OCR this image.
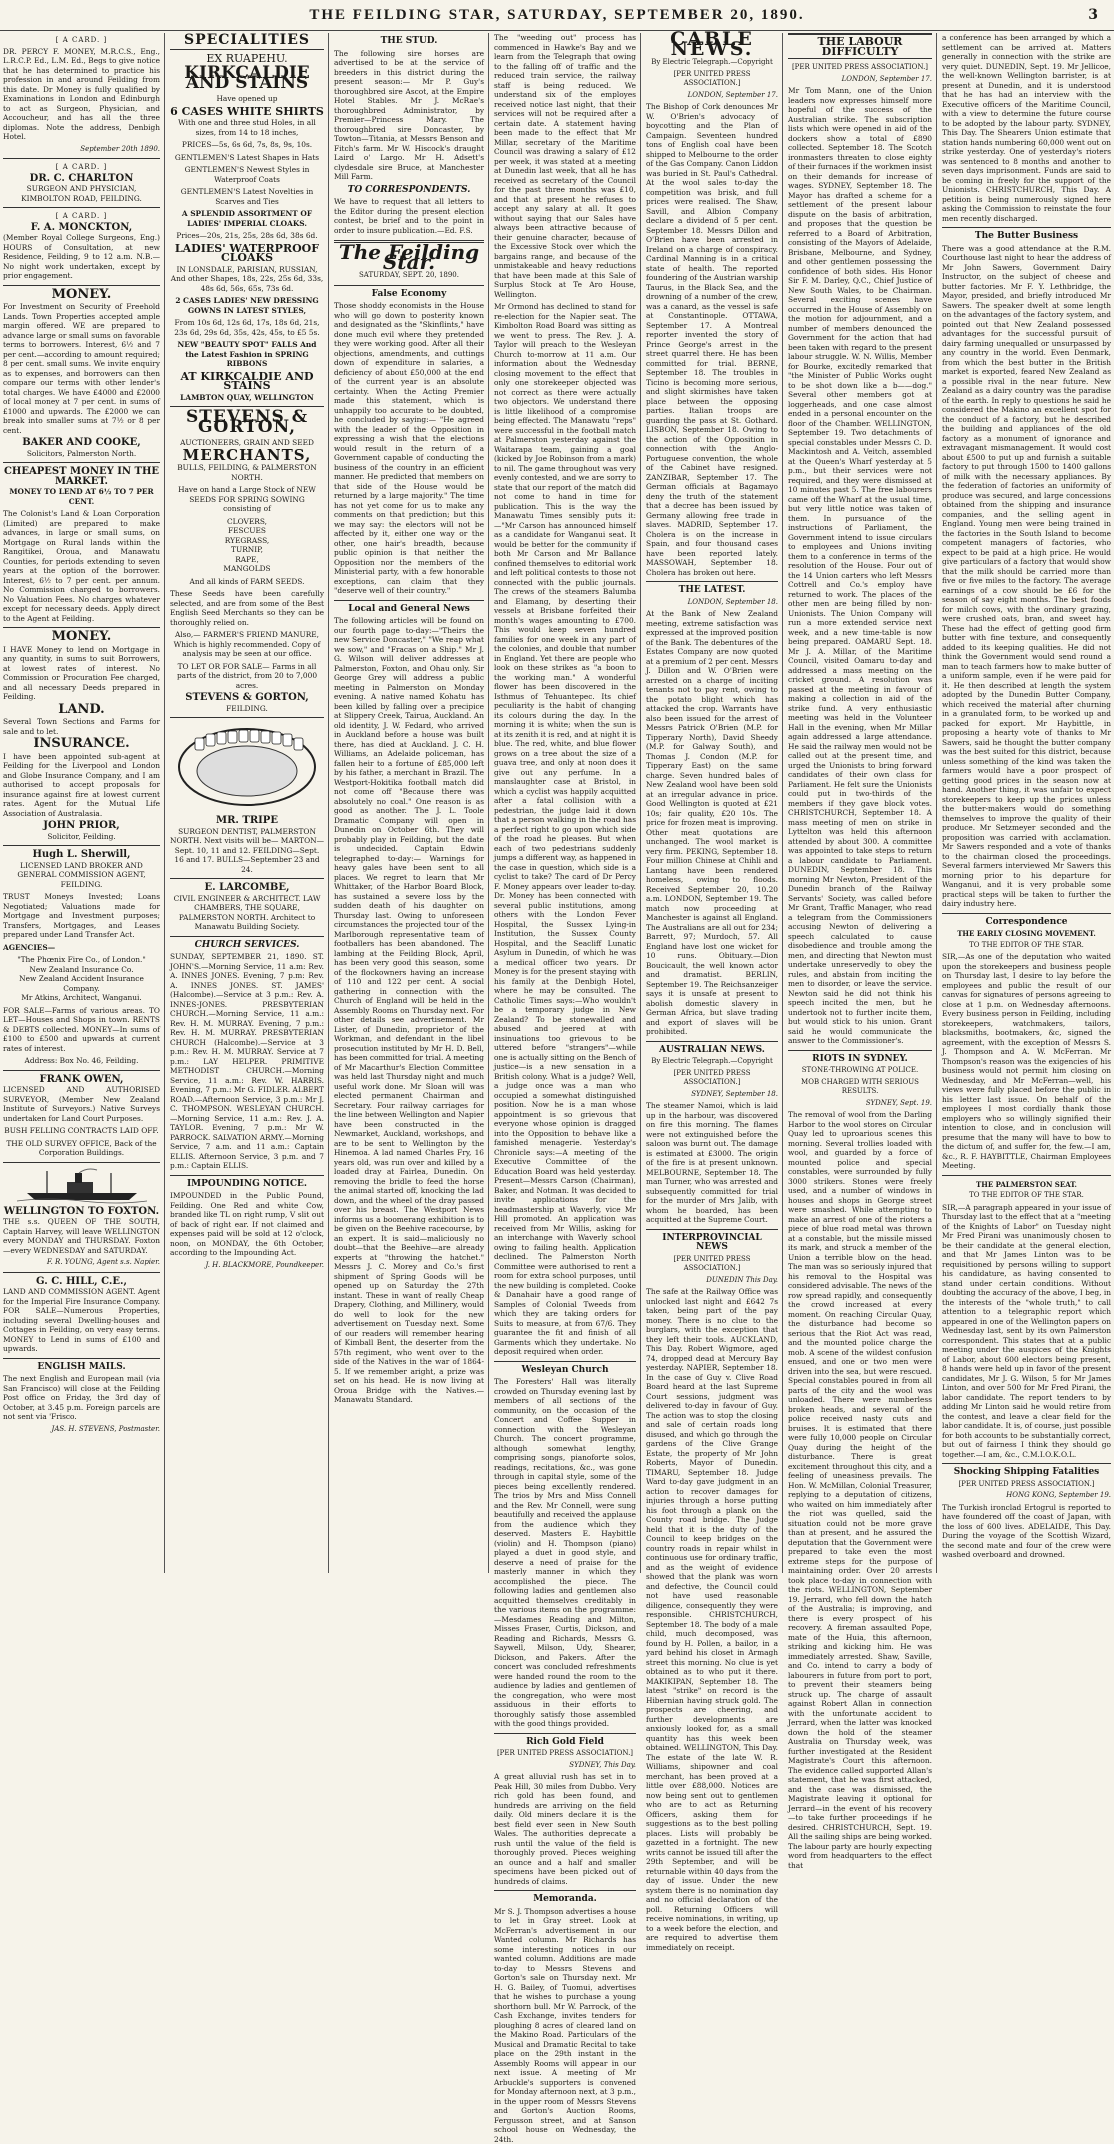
THE FEILDING STAR, SATURDAY, SEPTEMBER 20, 1890.	3
[ A CARD. ]

DR. PERCY F. MONEY, M.R.C.S., Eng., L.R.C.P. Ed., L.M. Ed., Begs to give notice that he has determined to practice his profession in and around Feilding from this date. Dr Money is fully qualified by Examinations in London and Edinburgh to act as Surgeon, Physician, and Accoucheur, and has all the three diplomas. Note the address, Denbigh Hotel.

September 20th 1890.

[ A CARD. ]
DR. C. CHARLTON

SURGEON AND PHYSICIAN, KIMBOLTON ROAD, FEILDING.

[ A CARD. ]
F. A. MONCKTON,

(Member Royal College Surgeons, Eng.) HOURS of Consultation, at new Residence, Feilding, 9 to 12 a.m. N.B.—No night work undertaken, except by prior engagement.

MONEY.

For Investment on Security of Freehold Lands. Town Properties accepted ample margin offered. WE are prepared to advance large or small sums on favorable terms to borrowers. Interest, 6½ and 7 per cent.—according to amount required; 8 per cent. small sums. We invite enquiry as to expenses, and borrowers can then compare our terms with other lender's total charges. We have £4000 and £2000 of local money at 7 per cent. in sums of £1000 and upwards. The £2000 we can break into smaller sums at 7½ or 8 per cent.

BAKER AND COOKE,

Solicitors, Palmerston North.

CHEAPEST MONEY IN THE MARKET.

MONEY TO LEND AT 6½ TO 7 PER CENT.

The Colonist's Land & Loan Corporation (Limited) are prepared to make advances, in large or small sums, on Mortgage on Rural lands within the Rangitikei, Oroua, and Manawatu Counties, for periods extending to seven years at the option of the borrower. Interest, 6½ to 7 per cent. per annum. No Commission charged to borrowers. No Valuation Fees. No charges whatever except for necessary deeds. Apply direct to the Agent at Feilding.

MONEY.

I HAVE Money to lend on Mortgage in any quantity, in sums to suit Borrowers, at lowest rates of interest. No Commission or Procuration Fee charged, and all necessary Deeds prepared in Feilding.

LAND.

Several Town Sections and Farms for sale and to let.

INSURANCE.

I have been appointed sub-agent at Feilding for the Liverpool and London and Globe Insurance Company, and I am authorised to accept proposals for insurance against fire at lowest current rates. Agent for the Mutual Life Association of Australasia.

JOHN PRIOR,

Solicitor, Feilding.

Hugh L. Sherwill,

LICENSED LAND BROKER AND GENERAL COMMISSION AGENT, FEILDING.

TRUST Moneys Invested; Loans Negotiated; Valuations made for Mortgage and Investment purposes; Transfers, Mortgages, and Leases prepared under Land Transfer Act.

AGENCIES—

"The Phœnix Fire Co., of London."
New Zealand Insurance Co.
New Zealand Accident Insurance Company.
Mr Atkins, Architect, Wanganui.

FOR SALE—Farms of various areas. TO LET—Houses and Shops in town. RENTS & DEBTS collected. MONEY—In sums of £100 to £500 and upwards at current rates of interest.

Address: Box No. 46, Feilding.

FRANK OWEN,

LICENSED AND AUTHORISED SURVEYOR, (Member New Zealand Institute of Surveyors.) Native Surveys undertaken for Land Court Purposes.

BUSH FELLING CONTRACTS LAID OFF.

THE OLD SURVEY OFFICE, Back of the Corporation Buildings.

WELLINGTON TO FOXTON.

THE s.s. QUEEN OF THE SOUTH, Captain Harvey, will leave WELLINGTON every MONDAY and THURSDAY. Foxton—every WEDNESDAY and SATURDAY.

F. R. YOUNG, Agent s.s. Napier.

G. C. HILL, C.E.,

LAND AND COMMISSION AGENT. Agent for the Imperial Fire Insurance Company. FOR SALE—Numerous Properties, including several Dwelling-houses and Cottages in Feilding, on very easy terms. MONEY to Lend in sums of £100 and upwards.

ENGLISH MAILS.

The next English and European mail (via San Francisco) will close at the Feilding Post office on Friday, the 3rd day of October, at 3.45 p.m. Foreign parcels are not sent via 'Frisco.

JAS. H. STEVENS, Postmaster.

SPECIALITIES
EX RUAPEHU.
KIRKCALDIE AND STAINS

Have opened up

6 CASES WHITE SHIRTS

With one and three stud Holes, in all sizes, from 14 to 18 inches,

PRICES—5s, 6s 6d, 7s, 8s, 9s, 10s.

GENTLEMEN'S Latest Shapes in Hats

GENTLEMEN'S Newest Styles in Waterproof Coats

GENTLEMEN'S Latest Novelties in Scarves and Ties

A SPLENDID ASSORTMENT OF LADIES' IMPERIAL CLOAKS.

Prices—20s, 21s, 25s, 28s 6d, 38s 6d.

LADIES' WATERPROOF CLOAKS

IN LONSDALE, PARISIAN, RUSSIAN, And other Shapes, 18s, 22s, 25s 6d, 33s, 48s 6d, 56s, 65s, 73s 6d.

2 CASES LADIES' NEW DRESSING GOWNS IN LATEST STYLES,

From 10s 6d, 12s 6d, 17s, 18s 6d, 21s, 23s 6d, 29s 6d, 35s, 42s, 45s, to £5 5s.

NEW "BEAUTY SPOT" FALLS And the Latest Fashion in SPRING RIBBONS

AT KIRKCALDIE AND STAINS

LAMBTON QUAY, WELLINGTON

STEVENS & GORTON,

AUCTIONEERS, GRAIN AND SEED

MERCHANTS,

BULLS, FEILDING, & PALMERSTON NORTH.

Have on hand a Large Stock of NEW SEEDS FOR SPRING SOWING consisting of

CLOVERS,
FESCUES
RYEGRASS,
TURNIP,
RAPE,
MANGOLDS

And all kinds of FARM SEEDS.

These Seeds have been carefully selected, and are from some of the Best English Seed Merchants so they can be thoroughly relied on.

Also,— FARMER'S FRIEND MANURE, Which is highly recommended. Copy of analysis may be seen at our office.

TO LET OR FOR SALE— Farms in all parts of the district, from 20 to 7,000 acres.

STEVENS & GORTON,

FEILDING.

MR. TRIPE

SURGEON DENTIST, PALMERSTON NORTH. Next visits will be— MARTON—Sept. 10, 11 and 12. FEILDING—Sept. 16 and 17. BULLS—September 23 and 24.

E. LARCOMBE,

CIVIL ENGINEER & ARCHITECT. LAW CHAMBERS, THE SQUARE, PALMERSTON NORTH. Architect to Manawatu Building Society.

CHURCH SERVICES.

SUNDAY, SEPTEMBER 21, 1890. ST. JOHN'S.—Morning Service, 11 a.m: Rev. A. INNES JONES. Evening, 7 p.m: Rev. A. INNES JONES. ST. JAMES' (Halcombe).—Service at 3 p.m.: Rev. A. INNES-JONES. PRESBYTERIAN CHURCH.—Morning Service, 11 a.m.: Rev. H. M. MURRAY. Evening, 7 p.m.: Rev. H. M. MURRAY. PRESBYTERIAN CHURCH (Halcombe).—Service at 3 p.m.: Rev. H. M. MURRAY. Service at 7 p.m.: LAY HELPER. PRIMITIVE METHODIST CHURCH.—Morning Service, 11 a.m.: Rev. W. HARRIS. Evening, 7 p.m.: Mr G. FIDLER. ALBERT ROAD.—Afternoon Service, 3 p.m.: Mr J. C. THOMPSON. WESLEYAN CHURCH.—Morning Service, 11 a.m.: Rev. J. A. TAYLOR. Evening, 7 p.m.: Mr W. PARROCK. SALVATION ARMY.—Morning Service, 7 a.m. and 11 a.m.: Captain ELLIS. Afternoon Service, 3 p.m. and 7 p.m.: Captain ELLIS.

IMPOUNDING NOTICE.

IMPOUNDED in the Public Pound, Feilding. One Red and white Cow, branded like TL on right rump, V slit out of back of right ear. If not claimed and expenses paid will be sold at 12 o'clock, noon, on MONDAY, the 6th October, according to the Impounding Act.

J. H. BLACKMORE, Poundkeeper.

THE STUD.

The following sire horses are advertised to be at the service of breeders in this district during the present season:— Mr P. Guy's thoroughbred sire Ascot, at the Empire Hotel Stables. Mr J. McRae's thoroughbred Administrator, by Premier—Princess Mary. The thoroughbred sire Doncaster, by Towton—Titania, at Messrs Benson and Fitch's farm. Mr W. Hiscock's draught Laird o' Largo. Mr H. Adsett's clydesdale sire Bruce, at Manchester Mill Farm.

TO CORRESPONDENTS.

We have to request that all letters to the Editor during the present election contest, be brief and to the point in order to insure publication.—Ed. F.S.

The Feilding Star.
SATURDAY, SEPT. 20, 1890.
False Economy

Those shoddy economists in the House who will go down to posterity known and designated as the "Skinflints," have done much evil where they pretended they were working good. After all their objections, amendments, and cuttings down of expenditure in salaries, a deficiency of about £50,000 at the end of the current year is an absolute certainty. When the Acting Premier made this statement, which is unhappily too accurate to be doubted, he concluded by saying:— "He agreed with the leader of the Opposition in expressing a wish that the elections would result in the return of a Government capable of conducting the business of the country in an efficient manner. He predicted that members on that side of the House would be returned by a large majority." The time has not yet come for us to make any comments on that prediction; but this we may say: the electors will not be affected by it, either one way or the other, one hair's breadth, because public opinion is that neither the Opposition nor the members of the Ministerial party, with a few honorable exceptions, can claim that they "deserve well of their country."

Local and General News

The following articles will be found on our fourth page to-day:—"Theirs the new Service Doncaster," "We reap what we sow," and "Fracas on a Ship." Mr J. G. Wilson will deliver addresses at Palmerston, Foxton, and Ohau only. Sir George Grey will address a public meeting in Palmerston on Monday evening. A native named Kohatu has been killed by falling over a precipice at Slippery Creek, Tairua, Auckland. An old identity, J. W. Fedard, who arrived in Auckland before a house was built there, has died at Auckland. J. C. H. Williams, an Adelaide policeman, has fallen heir to a fortune of £85,000 left by his father, a merchant in Brazil. The Westport-Hokitika football match did not come off "Because there was absolutely no coal." One reason is as good as another. The J. L. Toole Dramatic Company will open in Dunedin on October 6th. They will probably play in Feilding, but the date is undecided. Captain Edwin telegraphed to-day:— Warnings for heavy gales have been sent to all places. We regret to learn that Mr Whittaker, of the Harbor Board Block, has sustained a severe loss by the sudden death of his daughter on Thursday last. Owing to unforeseen circumstances the projected tour of the Marlborough representative team of footballers has been abandoned. The lambing at the Feilding Block, April, has been very good this season, some of the flockowners having an increase of 110 and 122 per cent. A social gathering in connection with the Church of England will be held in the Assembly Rooms on Thursday next. For other details see advertisement. Mr Lister, of Dunedin, proprietor of the Workman, and defendant in the libel prosecution instituted by Mr H. D. Bell, has been committed for trial. A meeting of Mr Macarthur's Election Committee was held last Thursday night and much useful work done. Mr Sloan will was elected permanent Chairman and Secretary. Four railway carriages for the line between Wellington and Napier have been constructed in the Newmarket, Auckland, workshops, and are to be sent to Wellington by the Hinemoa. A lad named Charles Fry, 16 years old, was run over and killed by a loaded dray at Fairlea, Dunedin. On removing the bridle to feed the horse the animal started off, knocking the lad down, and the wheel of the dray passed over his breast. The Westport News informs us a boomerang exhibition is to be given on the Beehive racecourse, by an expert. It is said—maliciously no doubt—that the Beehive—are already experts at "throwing the hatchet." Messrs J. C. Morey and Co.'s first shipment of Spring Goods will be opened up on Saturday the 27th instant. These in want of really Cheap Drapery, Clothing, and Millinery, would do well to look for the new advertisement on Tuesday next. Some of our readers will remember hearing of Kimball Bent, the deserter from the 57th regiment, who went over to the side of the Natives in the war of 1864-5. If we remember aright, a prize was set on his head. He is now living at Oroua Bridge with the Natives.— Manawatu Standard.

The "weeding out" process has commenced in Hawke's Bay and we learn from the Telegraph that owing to the falling off of traffic and the reduced train service, the railway staff is being reduced. We understand six of the employes received notice last night, that their services will not be required after a certain date. A statement having been made to the effect that Mr Millar, secretary of the Maritime Council was drawing a salary of £12 per week, it was stated at a meeting at Dunedin last week, that all he has received as secretary of the Council for the past three months was £10, and that at present he refuses to accept any salary at all. It goes without saying that our Sales have always been attractive because of their genuine character, because of the Excessive Stock over which the bargains range, and because of the unmistakeable and heavy reductions that have been made at this Sale of Surplus Stock at Te Aro House, Wellington.

Mr Ormond has declined to stand for re-election for the Napier seat. The Kimbolton Road Board was sitting as we went to press. The Rev. J. A. Taylor will preach to the Wesleyan Church to-morrow at 11 a.m. Our information about the Wednesday closing movement to the effect that only one storekeeper objected was not correct as there were actually two objectors. We understand there is little likelihood of a compromise being effected. The Manawatu "reps" were successful in the football match at Palmerston yesterday against the Waitarapa team, gaining a goal (kicked by Joe Robinson from a mark) to nil. The game throughout was very evenly contested, and we are sorry to state that our report of the match did not come to hand in time for publication. This is the way the Manawatu Times sensibly puts it:—"Mr Carson has announced himself as a candidate for Wanganui seat. It would be better for the community if both Mr Carson and Mr Ballance confined themselves to editorial work and left political contests to those not connected with the public journals. The crews of the steamers Balumba and Elamang, by deserting their vessels at Brisbane forfeited their month's wages amounting to £700. This would keep seven hundred families for one week in any part of the colonies, and double that number in England. Yet there are people who look on these strikes as "a boon to the working man." A wonderful flower has been discovered in the Isthmus of Tehuantepec. Its chief peculiarity is the habit of changing its colours during the day. In the morning it is white; when the sun is at its zenith it is red, and at night it is blue. The red, white, and blue flower grows on a tree about the size of a guava tree, and only at noon does it give out any perfume. In a manslaughter case at Bristol, in which a cyclist was happily acquitted after a fatal collision with a pedestrian, the judge laid it down that a person walking in the road has a perfect right to go upon which side of the road he pleases. But when each of two pedestrians suddenly jumps a different way, as happened in the case in question, which side is a cyclist to take? The card of Dr Percy F. Money appears over leader to-day. Dr. Money has been connected with several public institutions, among others with the London Fever Hospital, the Sussex Lying-in Institution, the Sussex County Hospital, and the Seacliff Lunatic Asylum in Dunedin, of which he was a medical officer two years. Dr Money is for the present staying with his family at the Denbigh Hotel, where he may be consulted. The Catholic Times says:—Who wouldn't be a temporary judge in New Zealand? To be stonewalled and abused and jeered at with insinuations too grievous to be uttered before "strangers"—while one is actually sitting on the Bench of justice—is a new sensation in a British colony. What is a judge? Well, a judge once was a man who occupied a somewhat distinguished position. Now he is a man whose appointment is so grievous that everyone whose opinion is dragged into the Opposition to behave like a famished menagerie. Yesterday's Chronicle says:—A meeting of the Executive Committee of the Education Board was held yesterday. Present—Messrs Carson (Chairman), Baker, and Notman. It was decided to invite applications for the headmastership at Waverly, vice Mr Hill promoted. An application was received from Mr Willis, asking for an interchange with Waverly school owing to failing health. Application declined. The Palmerston North Committee were authorised to rent a room for extra school purposes, until the new building is completed. Cooke & Danahair have a good range of Samples of Colonial Tweeds from which they are taking orders for Suits to measure, at from 67/6. They guarantee the fit and finish of all Garments which they undertake. No deposit required when order.

Wesleyan Church

The Foresters' Hall was literally crowded on Thursday evening last by members of all sections of the community, on the occasion of the Concert and Coffee Supper in connection with the Wesleyan Church. The concert programme, although somewhat lengthy, comprising songs, pianoforte solos, readings, recitations, &c., was gone through in capital style, some of the pieces being excellently rendered. The trios by Mrs and Miss Connell and the Rev. Mr Connell, were sung beautifully and received the applause from the audience which they deserved. Masters E. Haybittle (violin) and H. Thompson (piano) played a duet in good style, and deserve a need of praise for the masterly manner in which they accomplished the piece. The following ladies and gentlemen also acquitted themselves creditably in the various items on the programme:—Mesdames Reading and Milton, Misses Fraser, Curtis, Dickson, and Reading and Richards, Messrs G. Saywell, Milson, Udy, Shearer, Dickson, and Pakers. After the concert was concluded refreshments were handed round the room to the audience by ladies and gentlemen of the congregation, who were most assiduous in their efforts to thoroughly satisfy those assembled with the good things provided.

Rich Gold Field
[PER UNITED PRESS ASSOCIATION.]

SYDNEY, This Day.

A great alluvial rush has set in to Peak Hill, 30 miles from Dubbo. Very rich gold has been found, and hundreds are arriving on the field daily. Old miners declare it is the best field ever seen in New South Wales. The authorities deprecate a rush until the value of the field is thoroughly proved. Pieces weighing an ounce and a half and smaller specimens have been picked out of hundreds of claims.

Memoranda.

Mr S. J. Thompson advertises a house to let in Gray street. Look at McFerran's advertisement in our Wanted column. Mr Richards has some interesting notices in our wanted column. Additions are made to-day to Messrs Stevens and Gorton's sale on Thursday next. Mr H. G. Bailey, of Tuomui, advertises that he wishes to purchase a young shorthorn bull. Mr W. Parrock, of the Cash Exchange, invites tenders for ploughing 8 acres of cleared land on the Makino Road. Particulars of the Musical and Dramatic Recital to take place on the 29th instant in the Assembly Rooms will appear in our next issue. A meeting of Mr Arbuckle's supporters is convened for Monday afternoon next, at 3 p.m., in the upper room of Messrs Stevens and Gorton's Auction Rooms, Fergusson street, and at Sanson school house on Wednesday, the 24th.

CABLE NEWS.
By Electric Telegraph.—Copyright
[PER UNITED PRESS ASSOCIATION.]

LONDON, September 17.

The Bishop of Cork denounces Mr W. O'Brien's advocacy of boycotting and the Plan of Campaign. Seventeen hundred tons of English coal have been shipped to Melbourne to the order of the Gas Company. Canon Liddon was buried in St. Paul's Cathedral. At the wool sales to-day the competition was brisk, and full prices were realised. The Shaw, Savill, and Albion Company declare a dividend of 5 per cent. September 18. Messrs Dillon and O'Brien have been arrested in Ireland on a charge of conspiracy. Cardinal Manning is in a critical state of health. The reported foundering of the Austrian warship Taurus, in the Black Sea, and the drowning of a number of the crew, was a canard, as the vessel is safe at Constantinople. OTTAWA, September 17. A Montreal reporter invented the story of Prince George's arrest in the street quarrel there. He has been committed for trial. BERNE, September 18. The troubles in Ticino is becoming more serious, and slight skirmishes have taken place between the opposing parties. Italian troops are guarding the pass at St. Gothard. LISBON, September 18. Owing to the action of the Opposition in connection with the Anglo-Portuguese convention, the whole of the Cabinet have resigned. ZANZIBAR, September 17. The German officials at Bagamayo deny the truth of the statement that a decree has been issued by Germany allowing free trade in slaves. MADRID, September 17. Cholera is on the increase in Spain, and four thousand cases have been reported lately. MASSOWAH, September 18. Cholera has broken out here.

THE LATEST.

LONDON, September 18.

At the Bank of New Zealand meeting, extreme satisfaction was expressed at the improved position of the Bank. The debentures of the Estates Company are now quoted at a premium of 2 per cent. Messrs J. Dillon and W. O'Brien were arrested on a charge of inciting tenants not to pay rent, owing to the potato blight which has attacked the crop. Warrants have also been issued for the arrest of Messrs Patrick O'Brien (M.P. for Tipperary North), David Sheedy (M.P. for Galway South), and Thomas J. Condon (M.P. for Tipperary East) on the same charge. Seven hundred bales of New Zealand wool have been sold at an irregular advance in price. Good Wellington is quoted at £21 10s; fair quality, £20 10s. The price for frozen meat is improving. Other meat quotations are unchanged. The wool market is very firm. PEKING, September 18. Four million Chinese at Chihli and Lantang have been rendered homeless, owing to floods. Received September 20, 10.20 a.m. LONDON, September 19. The match now proceeding at Manchester is against all England. The Australians are all out for 234; Barrett, 97; Murdoch, 57. All England have lost one wicket for 10 runs. Obituary.—Dion Boucicault, the well known actor and dramatist. BERLIN, September 19. The Reichsanzeiger says it is unsafe at present to abolish domestic slavery in German Africa, but slave trading and export of slaves will be prohibited.

AUSTRALIAN NEWS.
By Electric Telegraph.—Copyright
[PER UNITED PRESS ASSOCIATION.]

SYDNEY, September 18.

The steamer Namoi, which is laid up in the harbour, was discovered on fire this morning. The flames were not extinguished before the saloon was burnt out. The damage is estimated at £3000. The origin of the fire is at present unknown. MELBOURNE, September 18. The man Turner, who was arrested and subsequently committed for trial for the murder of Mrs Jalib, with whom he boarded, has been acquitted at the Supreme Court.

INTERPROVINCIAL NEWS
[PER UNITED PRESS ASSOCIATION.]

DUNEDIN This Day.

The safe at the Railway Office was unlocked last night and £642 7s taken, being part of the pay money. There is no clue to the burglars, with the exception that they left their tools. AUCKLAND, This Day. Robert Wigmore, aged 74, dropped dead at Mercury Bay yesterday. NAPIER, September 18. In the case of Guy v. Clive Road Board heard at the last Supreme Court sessions, judgment was delivered to-day in favour of Guy. The action was to stop the closing and sale of certain roads long disused, and which go through the gardens of the Clive Grange Estate, the property of Mr John Roberts, Mayor of Dunedin. TIMARU, September 18. Judge Ward to-day gave judgment in an action to recover damages for injuries through a horse putting his foot through a plank on the County road bridge. The Judge held that it is the duty of the Council to keep bridges on the country roads in repair whilst in continuous use for ordinary traffic, and as the weight of evidence showed that the plank was worn and defective, the Council could not have used reasonable diligence, consequently they were responsible. CHRISTCHURCH, September 18. The body of a male child, much decomposed, was found by H. Pollen, a bailor, in a yard behind his closet in Armagh street this morning. No clue is yet obtained as to who put it there. MAKIKIPAN, September 18. The latest "strike" on record is the Hibernian having struck gold. The prospects are cheering, and further developments are anxiously looked for, as a small quantity has this week been obtained. WELLINGTON, This Day. The estate of the late W. R. Williams, shipowner and coal merchant, has been proved at a little over £88,000. Notices are now being sent out to gentlemen who are to act as Returning Officers, asking them for suggestions as to the best polling places. Lists will probably be gazetted in a fortnight. The new writs cannot be issued till after the 29th September, and will be returnable within 40 days from the day of issue. Under the new system there is no nomination day and no official declaration of the poll. Returning Officers will receive nominations, in writing, up to a week before the election, and are required to advertise them immediately on receipt.

THE LABOUR DIFFICULTY
[PER UNITED PRESS ASSOCIATION.]

LONDON, September 17.

Mr Tom Mann, one of the Union leaders now expresses himself more hopeful of the success of the Australian strike. The subscription lists which were opened in aid of the dockers show a total of £890 collected. September 18. The Scotch ironmasters threaten to close eighty of their furnaces if the workmen insist on their demands for increase of wages. SYDNEY, September 18. The Mayor has drafted a scheme for a settlement of the present labour dispute on the basis of arbitration, and proposes that the question be referred to a Board of Arbitration, consisting of the Mayors of Adelaide, Brisbane, Melbourne, and Sydney, and other gentlemen possessing the confidence of both sides. His Honor Sir F. M. Darley, Q.C., Chief Justice of New South Wales, to be Chairman. Several exciting scenes have occurred in the House of Assembly on the motion for adjournment, and a number of members denounced the Government for the action that had been taken with regard to the present labour struggle. W. N. Willis, Member for Bourke, excitedly remarked that "the Minister of Public Works ought to be shot down like a b——dog." Several other members got at loggerheads, and one case almost ended in a personal encounter on the floor of the Chamber. WELLINGTON, September 19. Two detachments of special constables under Messrs C. D. Mackintosh and A. Veitch, assembled at the Queen's Wharf yesterday at 5 p.m., but their services were not required, and they were dismissed at 10 minutes past 5. The free labourers came off the Wharf at the usual time, but very little notice was taken of them. In pursuance of the instructions of Parliament, the Government intend to issue circulars to employees and Unions inviting them to a conference in terms of the resolution of the House. Four out of the 14 Union carters who left Messrs Cottrell and Co.'s employ have returned to work. The places of the other men are being filled by non-Unionists. The Union Company will run a more extended service next week, and a new time-table is now being prepared. OAMARU Sept. 18. Mr J. A. Millar, of the Maritime Council, visited Oamaru to-day and addressed a mass meeting on the cricket ground. A resolution was passed at the meeting in favour of making a collection in aid of the strike fund. A very enthusiastic meeting was held in the Volunteer Hall in the evening, when Mr Millar again addressed a large attendance. He said the railway men would not be called out at the present time, and urged the Unionists to bring forward candidates of their own class for Parliament. He felt sure the Unionists could put in two-thirds of the members if they gave block votes. CHRISTCHURCH, September 18. A mass meeting of men on strike in Lyttelton was held this afternoon attended by about 300. A committee was appointed to take steps to return a labour candidate to Parliament. DUNEDIN, September 18. This morning Mr Newton, President of the Dunedin branch of the Railway Servants' Society, was called before Mr Grant, Traffic Manager, who read a telegram from the Commissioners accusing Newton of delivering a speech calculated to cause disobedience and trouble among the men, and directing that Newton must undertake unreservedly to obey the rules, and abstain from inciting the men to disorder, or leave the service. Newton said he did not think his speech incited the men, but he undertook not to further incite them, but would stick to his union. Grant said he would communicate the answer to the Commissioner's.

RIOTS IN SYDNEY.
STONE-THROWING AT POLICE.
MOB CHARGED WITH SERIOUS RESULTS.

SYDNEY, Sept. 19.

The removal of wool from the Darling Harbor to the wool stores on Circular Quay led to uproarious scenes this morning. Several trollies loaded with wool, and guarded by a force of mounted police and special constables, were surrounded by fully 3000 strikers. Stones were freely used, and a number of windows in houses and shops in George street were smashed. While attempting to make an arrest of one of the rioters a piece of blue road metal was thrown at a constable, but the missile missed its mark, and struck a member of the Union a terrible blow on the head. The man was so seriously injured that his removal to the Hospital was considered advisable. The news of the row spread rapidly, and consequently the crowd increased at every moment. On reaching Circular Quay, the disturbance had become so serious that the Riot Act was read, and the mounted police charge the mob. A scene of the wildest confusion ensued, and one or two men were driven into the sea, but were rescued. Special constables poured in from all parts of the city and the wool was unloaded. There were numberless broken heads, and several of the police received nasty cuts and bruises. It is estimated that there were fully 10,000 people on Circular Quay during the height of the disturbance. There is great excitement throughout this city, and a feeling of uneasiness prevails. The Hon. W. McMillan, Colonial Treasurer, replying to a deputation of citizens, who waited on him immediately after the riot was quelled, said the situation could not be more grave than at present, and he assured the deputation that the Government were prepared to take even the most extreme steps for the purpose of maintaining order. Over 20 arrests took place to-day in connection with the riots. WELLINGTON, September 19. Jerrard, who fell down the hatch of the Australia; is improving, and there is every prospect of his recovery. A fireman assaulted Pope, mate of the Huia, this afternoon, striking and kicking him. He was immediately arrested. Shaw, Saville, and Co. intend to carry a body of labourers in future from port to port, to prevent their steamers being struck up. The charge of assault against Robert Allan in connection with the unfortunate accident to Jerrard, when the latter was knocked down the hold of the steamer Australia on Thursday week, was further investigated at the Resident Magistrate's Court this afternoon. The evidence called supported Allan's statement, that he was first attacked, and the case was dismissed, the Magistrate leaving it optional for Jerrard—in the event of his recovery—to take further proceedings if he desired. CHRISTCHURCH, Sept. 19. All the sailing ships are being worked. The labour party are hourly expecting word from headquarters to the effect that

a conference has been arranged by which a settlement can be arrived at. Matters generally in connection with the strike are very quiet. DUNEDIN, Sept. 19. Mr Jellicoe, the well-known Wellington barrister, is at present at Dunedin, and it is understood that he has had an interview with the Executive officers of the Maritime Council, with a view to determine the future course to be adopted by the labour party. SYDNEY, This Day. The Shearers Union estimate that station hands numbering 60,000 went out on strike yesterday. One of yesterday's rioters was sentenced to 8 months and another to seven days imprisonment. Funds are said to be coming in freely for the support of the Unionists. CHRISTCHURCH, This Day. A petition is being numerously signed here asking the Commission to reinstate the four men recently discharged.

The Butter Business

There was a good attendance at the R.M. Courthouse last night to hear the address of Mr John Sawers, Government Dairy Instructor, on the subject of cheese and butter factories. Mr F. Y. Lethbridge, the Mayor, presided, and briefly introduced Mr Sawers. The speaker dwelt at some length on the advantages of the factory system, and pointed out that New Zealand possessed advantages for the successful pursuit of dairy farming unequalled or unsurpassed by any country in the world. Even Denmark, from which the best butter in the British market is exported, feared New Zealand as a possible rival in the near future. New Zealand as a dairy country was the paradise of the earth. In reply to questions he said he considered the Makino an excellent spot for the conduct of a factory, but he described the building and appliances of the old factory as a monument of ignorance and extravagant mismanagement. It would cost about £500 to put up and furnish a suitable factory to put through 1500 to 1400 gallons of milk with the necessary appliances. By the federation of factories an uniformity of produce was secured, and large concessions obtained from the shipping and insurance companies, and the selling agent in England. Young men were being trained in the factories in the South Island to become competent managers of factories, who expect to be paid at a high price. He would give particulars of a factory that would show that the milk should be carried more than five or five miles to the factory. The average earnings of a cow should be £6 for the season of say eight months. The best foods for milch cows, with the ordinary grazing, were crushed oats, bran, and sweet hay. These had the effect of getting good firm butter with fine texture, and consequently added to its keeping qualities. He did not think the Government would send round a man to teach farmers how to make butter of a uniform sample, even if he were paid for it. He then described at length the system adopted by the Dunedin Butter Company, which received the material after churning in a granulated form, to be worked up and packed for export. Mr Haybittle, in proposing a hearty vote of thanks to Mr Sawers, said he thought the butter company was the best suited for this district, because unless something of the kind was taken the farmers would have a poor prospect of getting good prices in the season now at hand. Another thing, it was unfair to expect storekeepers to keep up the prices unless the butter-makers would do something themselves to improve the quality of their produce. Mr Setzmeyer seconded and the proposition was carried with acclamation. Mr Sawers responded and a vote of thanks to the chairman closed the proceedings. Several farmers interviewed Mr Sawers this morning prior to his departure for Wanganui, and it is very probable some practical steps will be taken to further the dairy industry here.

Correspondence
THE EARLY CLOSING MOVEMENT.
TO THE EDITOR OF THE STAR.

SIR,—As one of the deputation who waited upon the storekeepers and business people on Thursday last, I desire to lay before the employees and public the result of our canvas for signatures of persons agreeing to close at 1 p.m. on Wednesday afternoons. Every business person in Feilding, including storekeepers, watchmakers, tailors, blacksmiths, bootmakers, &c, signed the agreement, with the exception of Messrs S. J. Thompson and A. W. McFerran. Mr Thompson's reason was the exigencies of his business would not permit him closing on Wednesday, and Mr McFerran—well, his views were fully placed before the public in his letter last issue. On behalf of the employees I most cordially thank those employers who so willingly signified their intention to close, and in conclusion will presume that the many will have to bow to the dictum of, and suffer for, the few.—I am, &c., R. F. HAYBITTLE, Chairman Employees Meeting.

THE PALMERSTON SEAT.
TO THE EDITOR OF THE STAR.

SIR,—A paragraph appeared in your issue of Thursday last to the effect that at a "meeting of the Knights of Labor" on Tuesday night Mr Fred Pirani was unanimously chosen to be their candidate at the general election, and that Mr James Linton was to be requisitioned by persons willing to support his candidature, as having consented to stand under certain conditions. Without doubting the accuracy of the above, I beg, in the interests of the "whole truth," to call attention to a telegraphic report which appeared in one of the Wellington papers on Wednesday last, sent by its own Palmerston correspondent. This states that at a public meeting under the auspices of the Knights of Labor, about 600 electors being present, 8 hands were held up in favor of the present candidates, Mr J. G. Wilson, 5 for Mr James Linton, and over 500 for Mr Fred Pirani, the labor candidate. The report tenders to by adding Mr Linton said he would retire from the contest, and leave a clear field for the labor candidate. It is, of course, just possible for both accounts to be substantially correct, but out of fairness I think they should go together.—I am, &c., C.M.I.O.K.O.L.

Shocking Shipping Fatalities
[PER UNITED PRESS ASSOCIATION.]

HONG KONG, September 19.

The Turkish ironclad Ertogrul is reported to have foundered off the coast of Japan, with the loss of 600 lives. ADELAIDE, This Day. During the voyage of the Scottish Wizard, the second mate and four of the crew were washed overboard and drowned.
